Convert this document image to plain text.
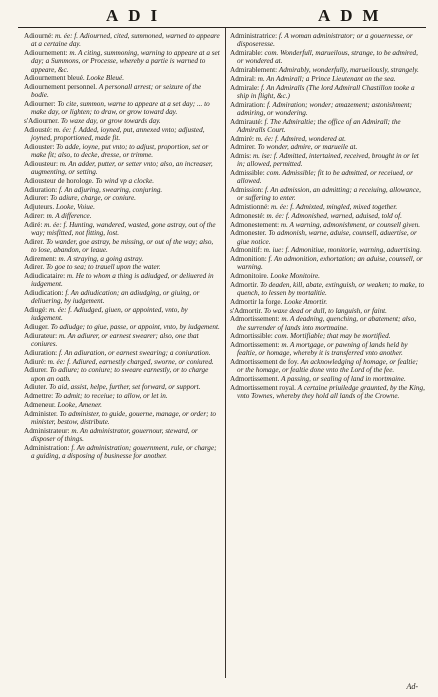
ADI	ADM
Adiourné: m. ée: f. Adiourned, cited, summoned, warned to appeare at a certaine day.
Adiournement: m. A citing, summoning, warning to appeare at a set day; a Summons, or Processe, whereby a partie is warned to appeare, &c.
Adiournement bleué. Looke Bleué.
Adiournement personnel. A personall arrest; or seizure of the bodie.
Adiourner: To cite, summon, warne to appeare at a set day; ... to make day, or lighten; to draw, or grow toward day.
s'Adiourner. To waxe day, or grow towards day.
Adiousté: m. ée: f. Added, ioyned, put, annexed vnto; adjusted, joyned, proportioned, made fit.
Adiouster: To adde, ioyne, put vnto; to adjust, proportion, set or make fit; also, to decke, dresse, or trimme.
Adiousteur: m. An adder, putter, or setter vnto; also, an increaser, augmenting, or setting.
Adiousteur de horologe. To wind vp a clocke.
Adiuration: f. An adjuring, swearing, conjuring.
Adiurer: To adiure, charge, or coniure.
Adjuteurs. Looke, Voiue.
Adirer: m. A difference.
Adiré: m. ée: f. Hunting, wandered, wasted, gone astray, out of the way; misfitted, not fitting, lost.
Adirer. To wander, goe astray, be missing, or out of the way; also, to lose, abandon, or leaue.
Adirement: m. A straying, a going astray.
Adirer. To goe to sea; to trauell upon the water.
Adiudicataire: m. He to whom a thing is adiudged, or deliuered in iudgement.
Adiudication: f. An adiudication; an adiudging, or giuing, or deliuering, by iudgement.
Adiugé: m. ée: f. Adiudged, giuen, or appointed, vnto, by iudgement.
Adiuger. To adiudge; to giue, passe, or appoint, vnto, by iudgement.
Adiurateur: m. An adiurer, or earnest swearer; also, one that coniures.
Adiuration: f. An adiuration, or earnest swearing; a coniuration.
Adiuré: m. ée: f. Adiured, earnestly charged, sworne, or coniured.
Adiurer. To adiure; to coniure; to sweare earnestly, or to charge upon an oath.
Adiuter. To aid, assist, helpe, further, set forward, or support.
Admettre: To admit; to receiue; to allow, or let in.
Admeneur. Looke, Amener.
Administer. To administer, to guide, gouerne, manage, or order; to minister, bestow, distribute.
Administrateur: m. An administrator, gouernour, steward, or disposer of things.
Administration: f. An administration; gouernment, rule, or charge; a guiding, a disposing of businesse for another.
Administratrice: f. A woman administrator; or a gouernesse, or disposeresse.
Admirable: com. Wonderfull, marueilous, strange, to be admired, or wondered at.
Admirablement: Admirably, wonderfully, marueilously, strangely.
Admiral: m. An Admirall; a Prince Lieutenant on the sea.
Admirale: f. An Admiralls (The lord Admirall Chastillon tooke a ship in flight, &c.)
Admiration: f. Admiration; wonder; amazement; astonishment; admiring, or wondering.
Admirauté: f. The Admiraltie; the office of an Admirall; the Admiralls Court.
Admiré: m. ée: f. Admired, wondered at.
Admirer. To wonder, admire, or marueile at.
Admis: m. ise: f. Admitted, intertained, received, brought in or let in; allowed, permitted.
Admissible: com. Admissible; fit to be admitted, or receiued, or allowed.
Admission: f. An admission, an admitting; a receiuing, allowance, or suffering to enter.
Admistionné: m. ée: f. Admixted, mingled, mixed together.
Admonesté: m. ée: f. Admonished, warned, aduised, told of.
Admonestement: m. A warning, admonishment, or counsell given.
Admonester. To admonish, warne, aduise, counsell, aduertise, or giue notice.
Admonitif: m. iue: f. Admonitiue, monitorie, warning, aduertising.
Admonition: f. An admonition, exhortation; an aduise, counsell, or warning.
Admonitoire. Looke Monitoire.
Admortir. To deaden, kill, abate, extinguish, or weaken; to make, to quench, to lessen by mortalitie.
Admortir la forge. Looke Amortir.
s'Admortir. To waxe dead or dull, to languish, or faint.
Admortissement: m. A deadning, quenching, or abatement; also, the surrender of lands into mortmaine.
Admortissible: com. Mortifiable; that may be mortified.
Admortissement: m. A mortgage, or pawning of lands held by fealtie, or homage, whereby it is transferred vnto another.
Admortissement de foy. An acknowledging of homage, or fealtie; or the homage, or fealtie done vnto the Lord of the fee.
Admortissement. A passing, or sealing of land in mortmaine.
Admortissement royal. A certaine priuiledge graunted, by the King, vnto Townes, whereby they hold all lands of the Crowne.
Ad-
